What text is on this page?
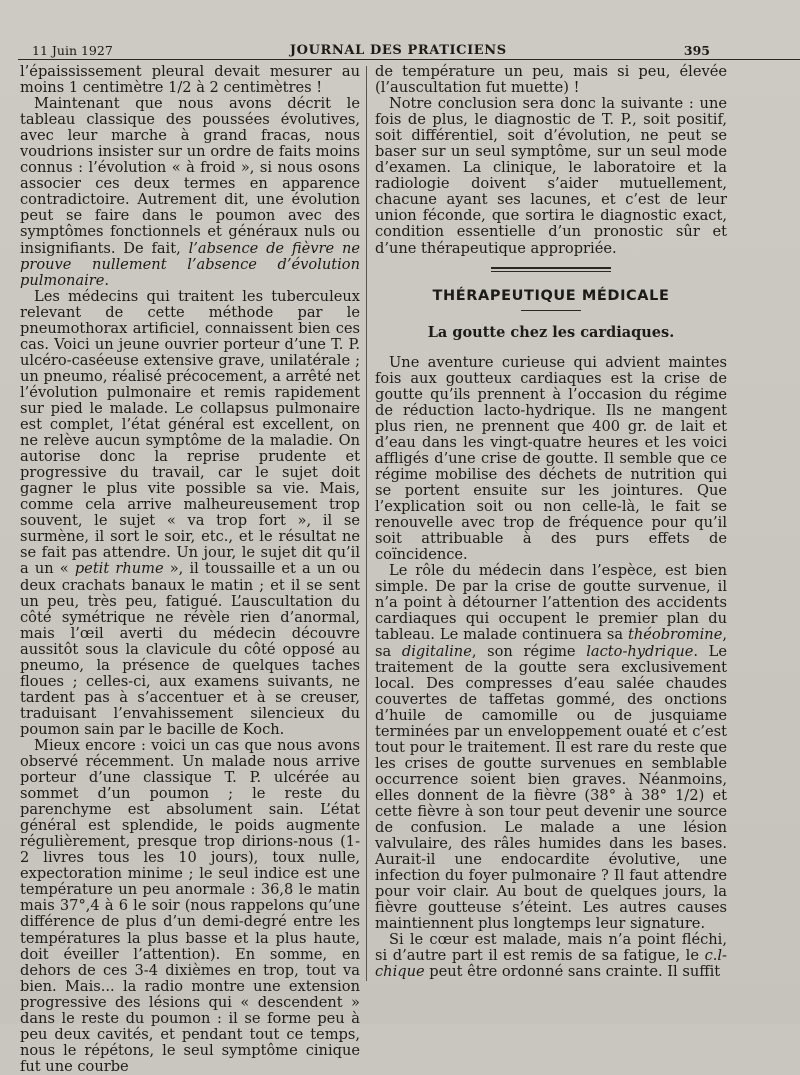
11 Juin 1927	JOURNAL DES PRATICIENS	395

l’épaississement pleural devait mesurer au moins 1 centimètre 1/2 à 2 centimètres !

Maintenant que nous avons décrit le tableau classique des poussées évolutives, avec leur marche à grand fracas, nous voudrions insister sur un ordre de faits moins connus : l’évolution « à froid », si nous osons associer ces deux termes en apparence contradictoire. Autrement dit, une évolution peut se faire dans le poumon avec des symptômes fonctionnels et généraux nuls ou insignifiants. De fait, l’absence de fièvre ne prouve nullement l’absence d’évolution pulmonaire.

Les médecins qui traitent les tuberculeux relevant de cette méthode par le pneumothorax artificiel, connaissent bien ces cas. Voici un jeune ouvrier porteur d’une T. P. ulcéro-caséeuse extensive grave, unilatérale ; un pneumo, réalisé précocement, a arrêté net l’évolution pulmonaire et remis rapidement sur pied le malade. Le collapsus pulmonaire est complet, l’état général est excellent, on ne relève aucun symptôme de la maladie. On autorise donc la reprise prudente et progressive du travail, car le sujet doit gagner le plus vite possible sa vie. Mais, comme cela arrive malheureusement trop souvent, le sujet « va trop fort », il se surmène, il sort le soir, etc., et le résultat ne se fait pas attendre. Un jour, le sujet dit qu’il a un « petit rhume », il toussaille et a un ou deux crachats banaux le matin ; et il se sent un peu, très peu, fatigué. L’auscultation du côté symétrique ne révèle rien d’anormal, mais l’œil averti du médecin découvre aussitôt sous la clavicule du côté opposé au pneumo, la présence de quelques taches floues ; celles-ci, aux examens suivants, ne tardent pas à s’accentuer et à se creuser, traduisant l’envahissement silencieux du poumon sain par le bacille de Koch.

Mieux encore : voici un cas que nous avons observé récemment. Un malade nous arrive porteur d’une classique T. P. ulcérée au sommet d’un poumon ; le reste du parenchyme est absolument sain. L’état général est splendide, le poids augmente régulièrement, presque trop dirions-nous (1-2 livres tous les 10 jours), toux nulle, expectoration minime ; le seul indice est une température un peu anormale : 36,8 le matin mais 37°,4 à 6 le soir (nous rappelons qu’une différence de plus d’un demi-degré entre les températures la plus basse et la plus haute, doit éveiller l’attention). En somme, en dehors de ces 3-4 dixièmes en trop, tout va bien. Mais... la radio montre une extension progressive des lésions qui « descendent » dans le reste du poumon : il se forme peu à peu deux cavités, et pendant tout ce temps, nous le répétons, le seul symptôme cinique fut une courbe

de température un peu, mais si peu, élevée (l’auscultation fut muette) !

Notre conclusion sera donc la suivante : une fois de plus, le diagnostic de T. P., soit positif, soit différentiel, soit d’évolution, ne peut se baser sur un seul symptôme, sur un seul mode d’examen. La clinique, le laboratoire et la radiologie doivent s’aider mutuellement, chacune ayant ses lacunes, et c’est de leur union féconde, que sortira le diagnostic exact, condition essentielle d’un pronostic sûr et d’une thérapeutique appropriée.

THÉRAPEUTIQUE MÉDICALE
La goutte chez les cardiaques.

Une aventure curieuse qui advient maintes fois aux goutteux cardiaques est la crise de goutte qu’ils prennent à l’occasion du régime de réduction lacto-hydrique. Ils ne mangent plus rien, ne prennent que 400 gr. de lait et d’eau dans les vingt-quatre heures et les voici affligés d’une crise de goutte. Il semble que ce régime mobilise des déchets de nutrition qui se portent ensuite sur les jointures. Que l’explication soit ou non celle-là, le fait se renouvelle avec trop de fréquence pour qu’il soit attribuable à des purs effets de coïncidence.

Le rôle du médecin dans l’espèce, est bien simple. De par la crise de goutte survenue, il n’a point à détourner l’attention des accidents cardiaques qui occupent le premier plan du tableau. Le malade continuera sa théobromine, sa digitaline, son régime lacto-hydrique. Le traitement de la goutte sera exclusivement local. Des compresses d’eau salée chaudes couvertes de taffetas gommé, des onctions d’huile de camomille ou de jusquiame terminées par un enveloppement ouaté et c’est tout pour le traitement. Il est rare du reste que les crises de goutte survenues en semblable occurrence soient bien graves. Néanmoins, elles donnent de la fièvre (38° à 38° 1/2) et cette fièvre à son tour peut devenir une source de confusion. Le malade a une lésion valvulaire, des râles humides dans les bases. Aurait-il une endocardite évolutive, une infection du foyer pulmonaire ? Il faut attendre pour voir clair. Au bout de quelques jours, la fièvre goutteuse s’éteint. Les autres causes maintiennent plus longtemps leur signature.

Si le cœur est malade, mais n’a point fléchi, si d’autre part il est remis de sa fatigue, le c.l-chique peut être ordonné sans crainte. Il suffit
